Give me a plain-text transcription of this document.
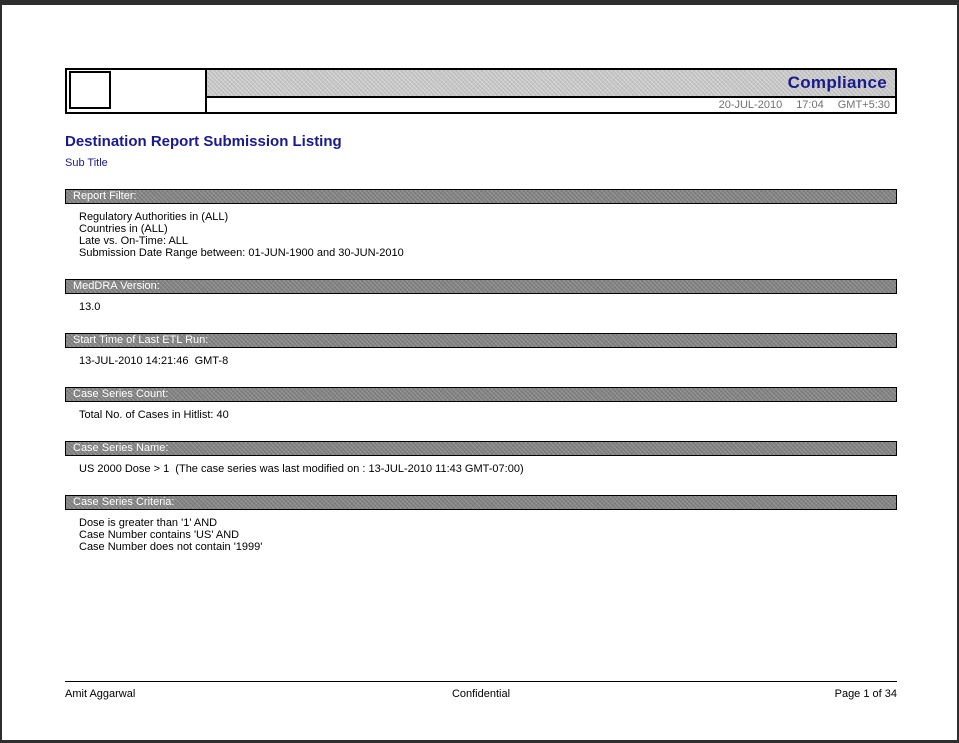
Compliance
20-JUL-2010 17:04 GMT+5:30
Destination Report Submission Listing
Sub Title
Report Filter:
Regulatory Authorities in (ALL)
Countries in (ALL)
Late vs. On-Time: ALL
Submission Date Range between: 01-JUN-1900 and 30-JUN-2010
MedDRA Version:
13.0
Start Time of Last ETL Run:
13-JUL-2010 14:21:46  GMT-8
Case Series Count:
Total No. of Cases in Hitlist: 40
Case Series Name:
US 2000 Dose > 1  (The case series was last modified on : 13-JUL-2010 11:43 GMT-07:00)
Case Series Criteria:
Dose is greater than '1' AND
Case Number contains 'US' AND
Case Number does not contain '1999'
Amit Aggarwal	Confidential	Page 1 of 34
